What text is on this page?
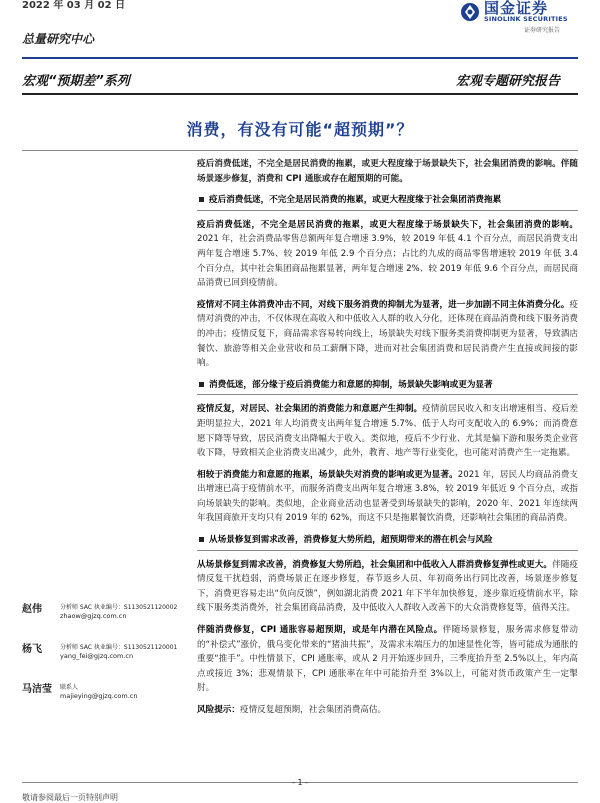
2022 年 03 月 02 日
总量研究中心
国金证券
SINOLINK SECURITIES
证券研究报告
宏观“预期差”系列	宏观专题研究报告
消费，有没有可能“超预期”？

疫后消费低迷，不完全是居民消费的拖累，或更大程度缘于场景缺失下，社会集团消费的影响。伴随场景逐步修复，消费和 CPI 通胀或存在超预期的可能。

疫后消费低迷，不完全是居民消费的拖累，或更大程度缘于社会集团消费拖累

疫后消费低迷，不完全是居民消费的拖累，或更大程度缘于场景缺失下，社会集团消费的影响。2021 年，社会消费品零售总额两年复合增速 3.9%，较 2019 年低 4.1 个百分点，而居民消费支出两年复合增速 5.7%、较 2019 年低 2.9 个百分点；占比约九成的商品零售增速较 2019 年低 3.4 个百分点，其中社会集团商品拖累显著，两年复合增速 2%、较 2019 年低 9.6 个百分点，而居民商品消费已回到疫情前。

疫情对不同主体消费冲击不同，对线下服务消费的抑制尤为显著，进一步加剧不同主体消费分化。疫情对消费的冲击，不仅体现在高收入和中低收入人群的收入分化，还体现在商品消费和线下服务消费的冲击；疫情反复下，商品需求容易转向线上，场景缺失对线下服务类消费抑制更为显著，导致酒店餐饮、旅游等相关企业营收和员工薪酬下降，进而对社会集团消费和居民消费产生直接或间接的影响。

消费低迷，部分缘于疫后消费能力和意愿的抑制，场景缺失影响或更为显著

疫情反复，对居民、社会集团的消费能力和意愿产生抑制。疫情前居民收入和支出增速相当、疫后差距明显拉大，2021 年人均消费支出两年复合增速 5.7%、低于人均可支配收入的 6.9%；而消费意愿下降等导致，居民消费支出降幅大于收入。类似地，疫后不少行业、尤其是偏下游和服务类企业营收下降，导致相关企业消费支出减少，此外，教育、地产等行业变化，也可能对消费产生一定拖累。

相较于消费能力和意愿的拖累，场景缺失对消费的影响或更为显著。2021 年，居民人均商品消费支出增速已高于疫情前水平，而服务消费支出两年复合增速 3.8%，较 2019 年低近 9 个百分点，或指向场景缺失的影响。类似地，企业商业活动也显著受到场景缺失的影响，2020 年、2021 年连续两年我国商旅开支均只有 2019 年的 62%，而这不只是拖累餐饮消费，还影响社会集团的商品消费。

从场景修复到需求改善，消费修复大势所趋，超预期带来的潜在机会与风险

从场景修复到需求改善，消费修复大势所趋，社会集团和中低收入人群消费修复弹性或更大。伴随疫情反复干扰趋弱，消费场景正在逐步修复，春节返乡人员、年初商务出行同比改善，场景逐步修复下，消费更容易走出“负向反馈”，例如湖北消费 2021 年下半年加快修复，逐步靠近疫情前水平，除线下服务类消费外，社会集团商品消费，及中低收入人群收入改善下的大众消费修复等，值得关注。

伴随消费修复，CPI 通胀容易超预期，或是年内潜在风险点。伴随场景修复，服务需求修复带动的“补偿式”涨价，俄乌变化带来的“猪油共振”，及需求末端压力的加速显性化等，皆可能成为通胀的重要“推手”。中性情景下，CPI 通胀率，或从 2 月开始逐步回升，三季度抬升至 2.5%以上，年内高点或接近 3%；悲观情景下，CPI 通胀率在年中可能抬升至 3%以上，可能对货币政策产生一定掣肘。

风险提示：疫情反复超预期，社会集团消费高估。

赵伟	分析师 SAC 执业编号：S1130521120002
zhaow@gjzq.com.cn
杨飞	分析师 SAC 执业编号：S1130521120001
yang_fei@gjzq.com.cn
马洁莹 联系人
majieying@gjzq.com.cn
- 1 -
敬请参阅最后一页特别声明
